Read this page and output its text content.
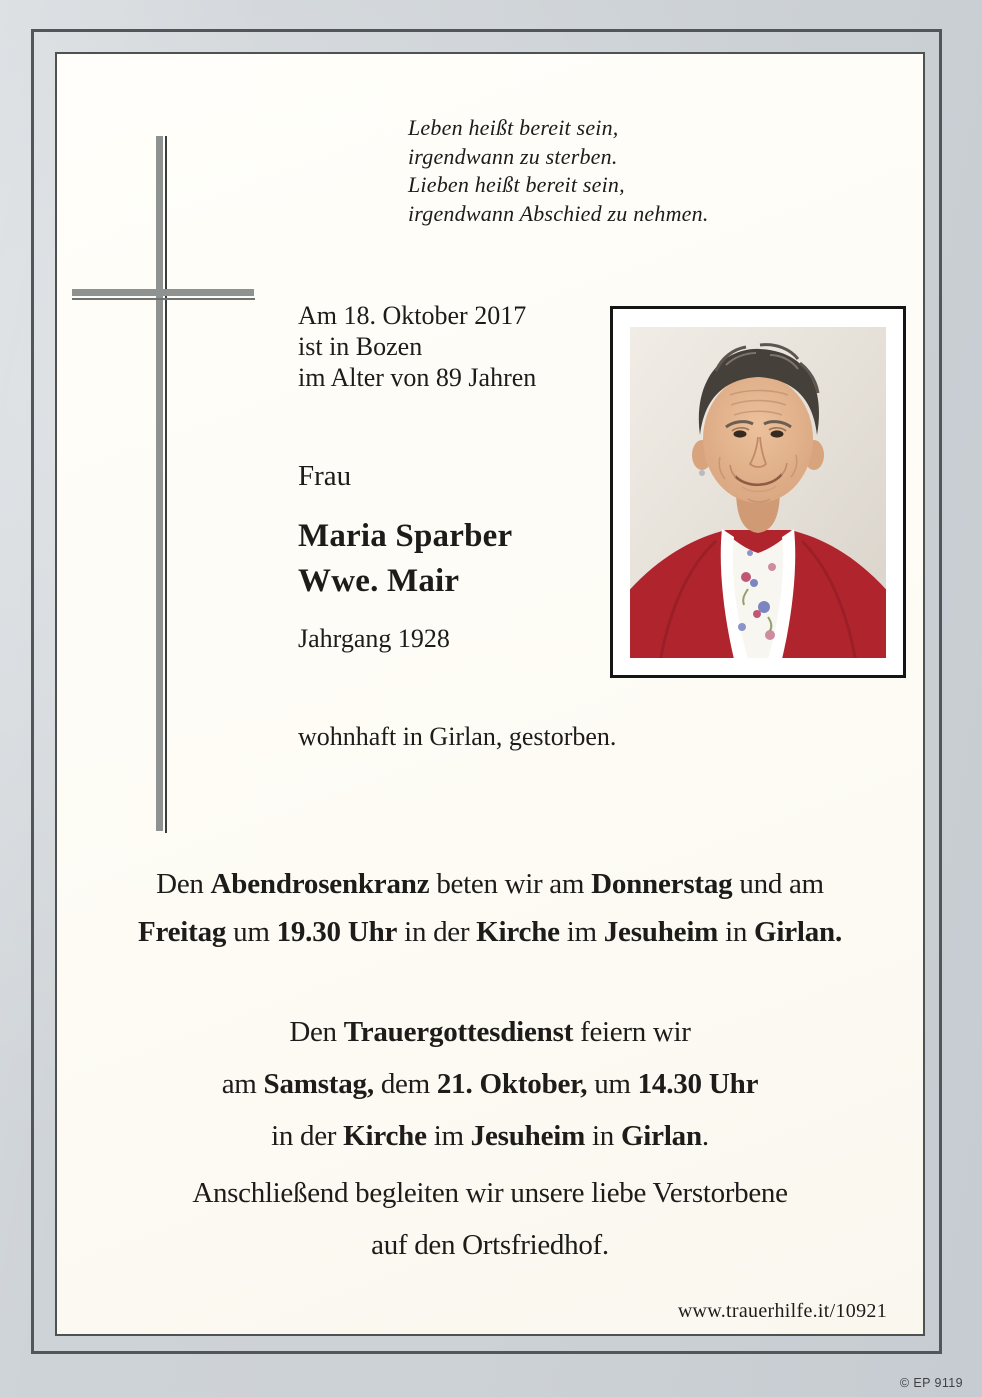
Leben heißt bereit sein,
irgendwann zu sterben.
Lieben heißt bereit sein,
irgendwann Abschied zu nehmen.
Am 18. Oktober 2017
ist in Bozen
im Alter von 89 Jahren
Frau
Maria Sparber
Wwe. Mair
Jahrgang 1928
wohnhaft in Girlan, gestorben.
Den Abendrosenkranz beten wir am Donnerstag und am
Freitag um 19.30 Uhr in der Kirche im Jesuheim in Girlan.
Den Trauergottesdienst feiern wir
am Samstag, dem 21. Oktober, um 14.30 Uhr
in der Kirche im Jesuheim in Girlan.
Anschließend begleiten wir unsere liebe Verstorbene
auf den Ortsfriedhof.
www.trauerhilfe.it/10921
© EP 9119
